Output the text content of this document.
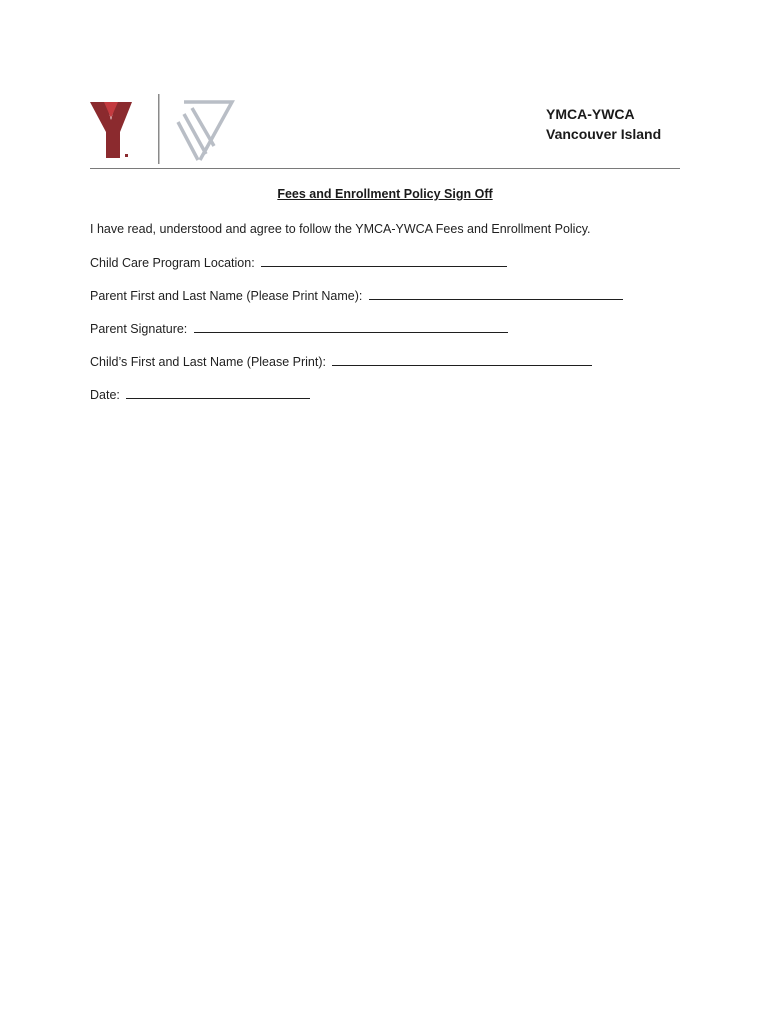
YMCA-YWCA
Vancouver Island
Fees and Enrollment Policy Sign Off
I have read, understood and agree to follow the YMCA-YWCA Fees and Enrollment Policy.
Child Care Program Location:
Parent First and Last Name (Please Print Name):
Parent Signature:
Child’s First and Last Name (Please Print):
Date:
